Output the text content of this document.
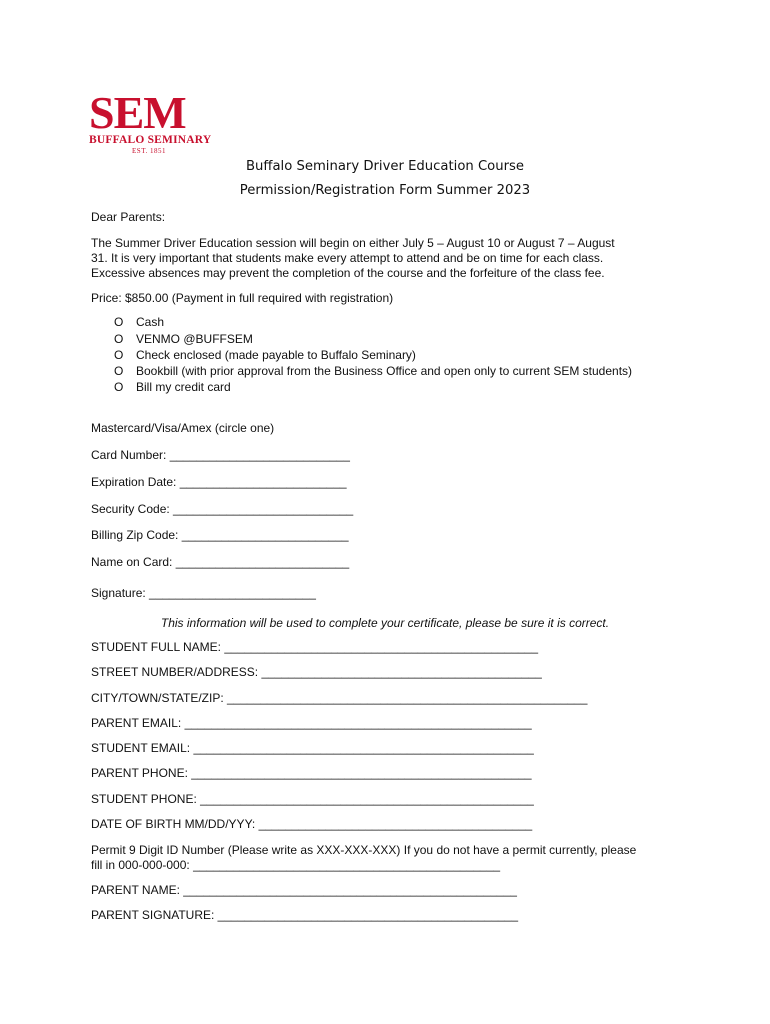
SEM
BUFFALO SEMINARY
EST. 1851
Buffalo Seminary Driver Education Course
Permission/Registration Form Summer 2023
Dear Parents:
The Summer Driver Education session will begin on either July 5 – August 10 or August 7 – August
31. It is very important that students make every attempt to attend and be on time for each class.
Excessive absences may prevent the completion of the course and the forfeiture of the class fee.
Price: $850.00 (Payment in full required with registration)
O Cash
O VENMO @BUFFSEM
O Check enclosed (made payable to Buffalo Seminary)
O Bookbill (with prior approval from the Business Office and open only to current SEM students)
O Bill my credit card
Mastercard/Visa/Amex (circle one)
Card Number: ___________________________
Expiration Date: _________________________
Security Code: ___________________________
Billing Zip Code: _________________________
Name on Card: __________________________
Signature: _________________________
This information will be used to complete your certificate, please be sure it is correct.
STUDENT FULL NAME: _______________________________________________
STREET NUMBER/ADDRESS: __________________________________________
CITY/TOWN/STATE/ZIP: ______________________________________________________
PARENT EMAIL: ____________________________________________________
STUDENT EMAIL: ___________________________________________________
PARENT PHONE: ___________________________________________________
STUDENT PHONE: __________________________________________________
DATE OF BIRTH MM/DD/YYY: _________________________________________
Permit 9 Digit ID Number (Please write as XXX-XXX-XXX) If you do not have a permit currently, please
fill in 000-000-000: ______________________________________________
PARENT NAME: __________________________________________________
PARENT SIGNATURE: _____________________________________________
